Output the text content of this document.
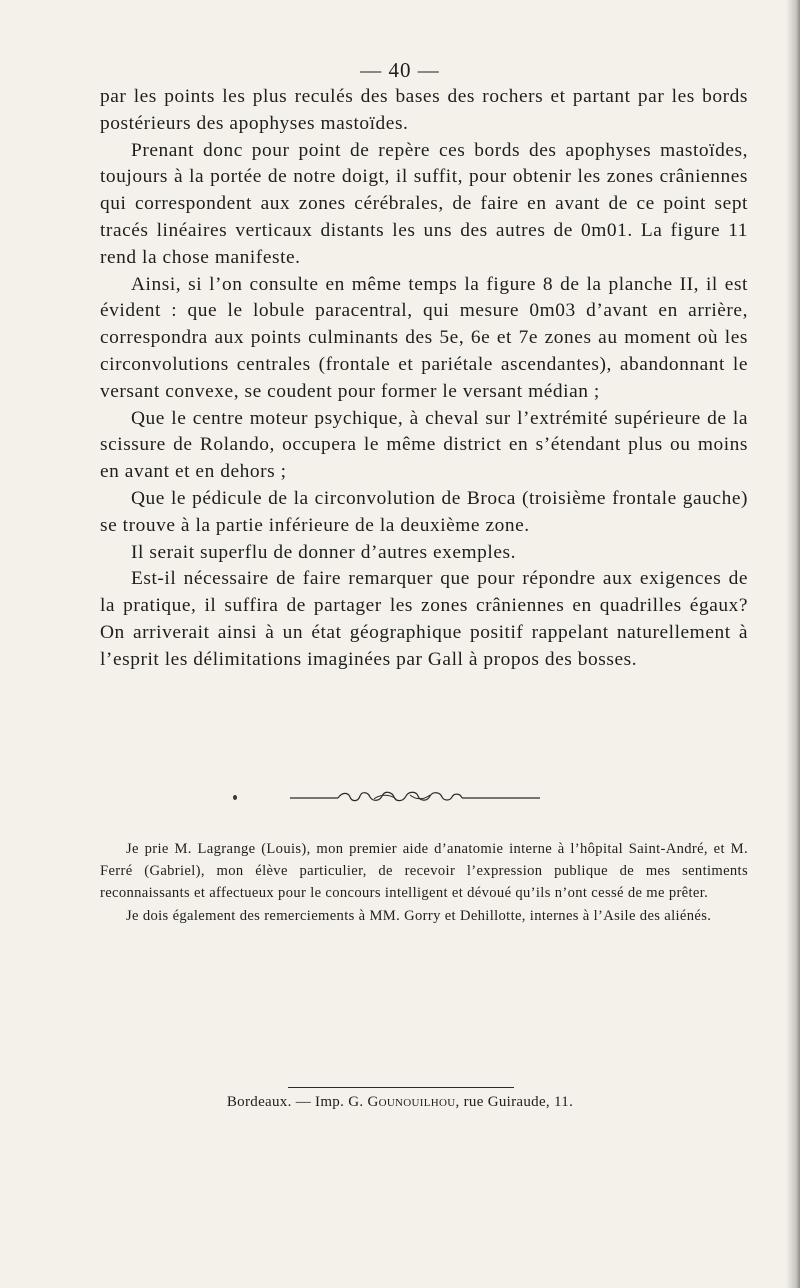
— 40 —

par les points les plus reculés des bases des rochers et partant par les bords postérieurs des apophyses mastoïdes.

Prenant donc pour point de repère ces bords des apophyses mastoïdes, toujours à la portée de notre doigt, il suffit, pour obtenir les zones crâniennes qui correspondent aux zones cérébrales, de faire en avant de ce point sept tracés linéaires verticaux distants les uns des autres de 0m01. La figure 11 rend la chose manifeste.

Ainsi, si l’on consulte en même temps la figure 8 de la planche II, il est évident : que le lobule paracentral, qui mesure 0m03 d’avant en arrière, correspondra aux points culminants des 5e, 6e et 7e zones au moment où les circonvolutions centrales (frontale et pariétale ascendantes), abandonnant le versant convexe, se coudent pour former le versant médian ;

Que le centre moteur psychique, à cheval sur l’extrémité supérieure de la scissure de Rolando, occupera le même district en s’étendant plus ou moins en avant et en dehors ;

Que le pédicule de la circonvolution de Broca (troisième frontale gauche) se trouve à la partie inférieure de la deuxième zone.

Il serait superflu de donner d’autres exemples.

Est-il nécessaire de faire remarquer que pour répondre aux exigences de la pratique, il suffira de partager les zones crâniennes en quadrilles égaux? On arriverait ainsi à un état géographique positif rappelant naturellement à l’esprit les délimitations imaginées par Gall à propos des bosses.

Je prie M. Lagrange (Louis), mon premier aide d’anatomie interne à l’hôpital Saint-André, et M. Ferré (Gabriel), mon élève particulier, de recevoir l’expression publique de mes sentiments reconnaissants et affectueux pour le concours intelligent et dévoué qu’ils n’ont cessé de me prêter.

Je dois également des remerciements à MM. Gorry et Dehillotte, internes à l’Asile des aliénés.

Bordeaux. — Imp. G. Gounouilhou, rue Guiraude, 11.
